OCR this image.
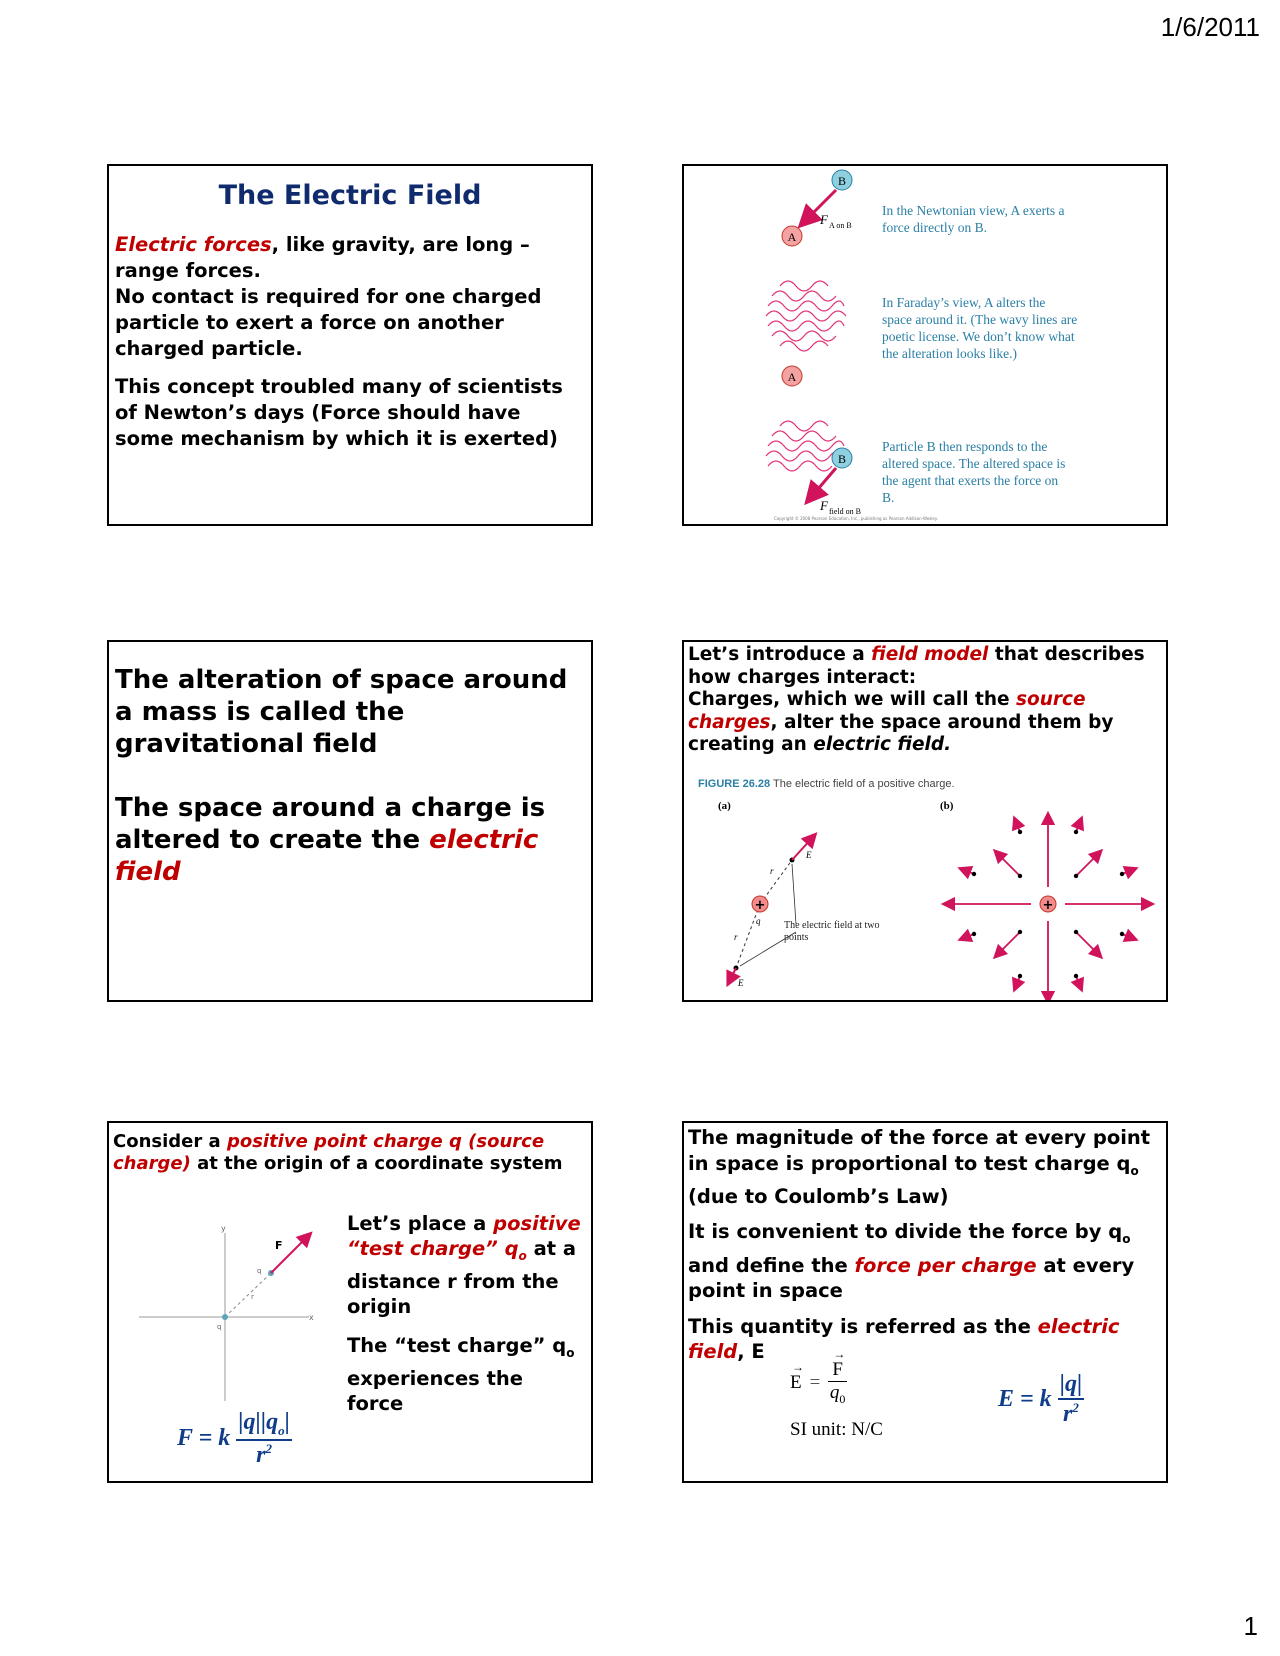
1/6/2011
The Electric Field
Electric forces, like gravity, are long – range forces.
No contact is required for one charged particle to exert a force on another charged particle.
This concept troubled many of scientists of Newton’s days (Force should have some mechanism by which it is exerted)
B
A
F A on B
A
B
F field on B
In the Newtonian view, A exerts a force directly on B.
In Faraday’s view, A alters the space around it. (The wavy lines are poetic license. We don’t know what the alteration looks like.)
Particle B then responds to the altered space. The altered space is the agent that exerts the force on B.
Copyright © 2008 Pearson Education, Inc., publishing as Pearson Addison-Wesley.
The alteration of space around a mass is called the gravitational field
The space around a charge is altered to create the electric field
Let’s introduce a field model that describes how charges interact:
Charges, which we will call the source charges, alter the space around them by creating an electric field.
FIGURE 26.28 The electric field of a positive charge.
(a)	(b)
+
q
E
r
E
r
The electric field at two points
+
Consider a positive point charge q (source charge) at the origin of a coordinate system
y
x
q
q
r
F
Let’s place a positive “test charge” $q_o$ at a distance r from the origin
The “test charge” $q_o$ experiences the force
F = k
$|q||q_o|$
$r^2$
The magnitude of the force at every point in space is proportional to test charge $q_o$ (due to Coulomb’s Law)
It is convenient to divide the force by $q_o$ and define the force per charge at every point in space
This quantity is referred as the electric field, E
→
E = →
F
$q_0$
SI unit: N/C
E = k
|q|
$r^2$
1
